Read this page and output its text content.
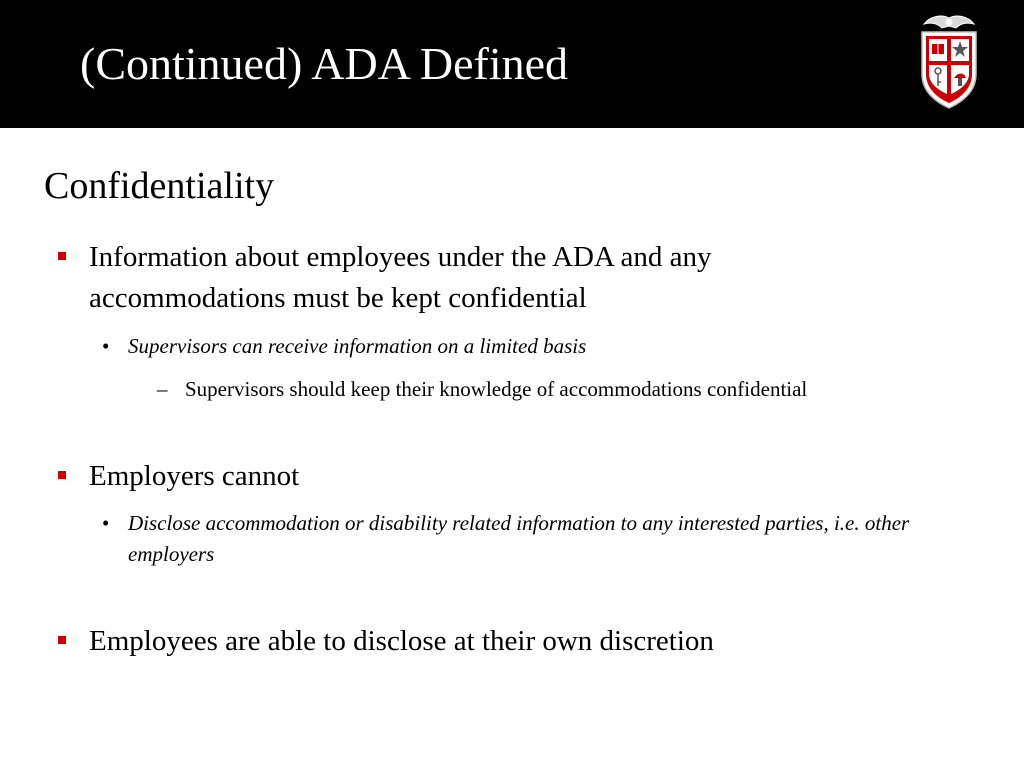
(Continued) ADA Defined
Confidentiality
Information about employees under the ADA and any accommodations must be kept confidential
• Supervisors can receive information on a limited basis
– Supervisors should keep their knowledge of accommodations confidential
Employers cannot
• Disclose accommodation or disability related information to any interested parties, i.e. other employers
Employees are able to disclose at their own discretion
